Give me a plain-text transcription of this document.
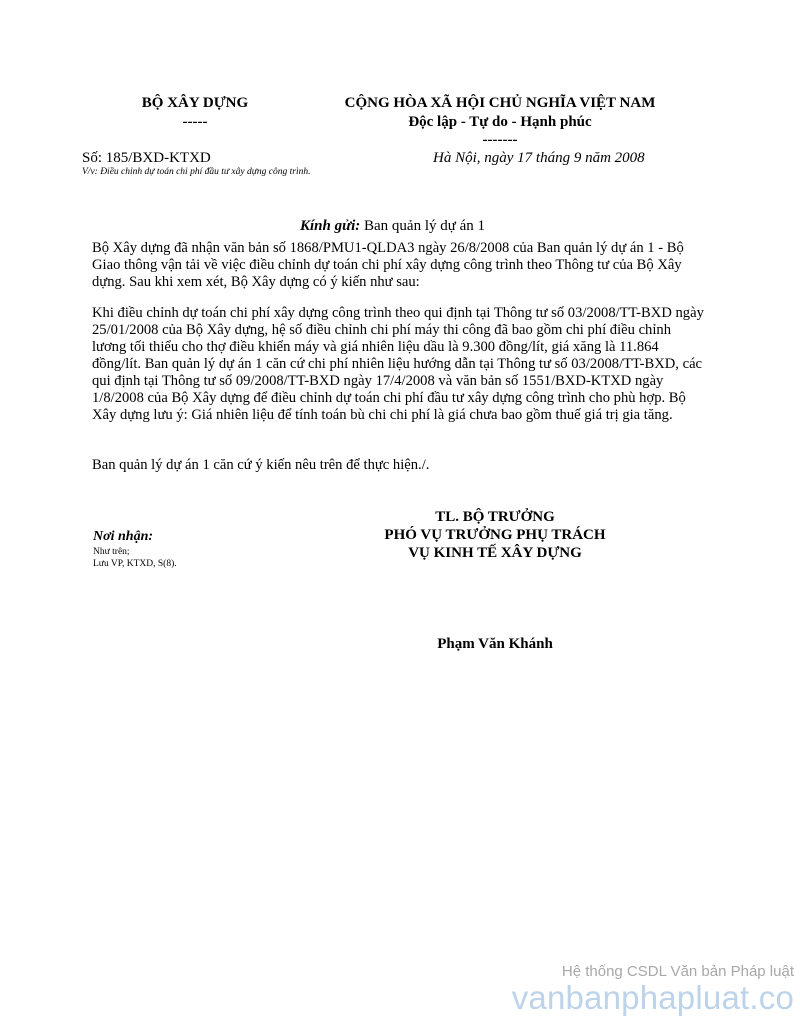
BỘ XÂY DỰNG
-----
CỘNG HÒA XÃ HỘI CHỦ NGHĨA VIỆT NAM
Độc lập - Tự do - Hạnh phúc
-------
Số: 185/BXD-KTXD
V/v: Điều chỉnh dự toán chi phí đầu tư xây dựng công trình.
Hà Nội, ngày 17 tháng 9 năm 2008
Kính gửi: Ban quản lý dự án 1
Bộ Xây dựng đã nhận văn bản số 1868/PMU1-QLDA3 ngày 26/8/2008 của Ban quản lý dự án 1 - Bộ Giao thông vận tải về việc điều chỉnh dự toán chi phí xây dựng công trình theo Thông tư của Bộ Xây dựng. Sau khi xem xét, Bộ Xây dựng có ý kiến như sau:
Khi điều chỉnh dự toán chi phí xây dựng công trình theo qui định tại Thông tư số 03/2008/TT-BXD ngày 25/01/2008 của Bộ Xây dựng, hệ số điều chỉnh chi phí máy thi công đã bao gồm chi phí điều chỉnh lương tối thiểu cho thợ điều khiển máy và giá nhiên liệu dầu là 9.300 đồng/lít, giá xăng là 11.864 đồng/lít. Ban quản lý dự án 1 căn cứ chi phí nhiên liệu hướng dẫn tại Thông tư số 03/2008/TT-BXD, các qui định tại Thông tư số 09/2008/TT-BXD ngày 17/4/2008 và văn bản số 1551/BXD-KTXD ngày 1/8/2008 của Bộ Xây dựng để điều chỉnh dự toán chi phí đầu tư xây dựng công trình cho phù hợp. Bộ Xây dựng lưu ý: Giá nhiên liệu để tính toán bù chi chi phí là giá chưa bao gồm thuế giá trị gia tăng.
Ban quản lý dự án 1 căn cứ ý kiến nêu trên để thực hiện./.
Nơi nhận:
Như trên;
Lưu VP, KTXD, S(8).
TL. BỘ TRƯỞNG
PHÓ VỤ TRƯỞNG PHỤ TRÁCH
VỤ KINH TẾ XÂY DỰNG
Phạm Văn Khánh
Hệ thống CSDL Văn bản Pháp luật
vanbanphapluat.co
